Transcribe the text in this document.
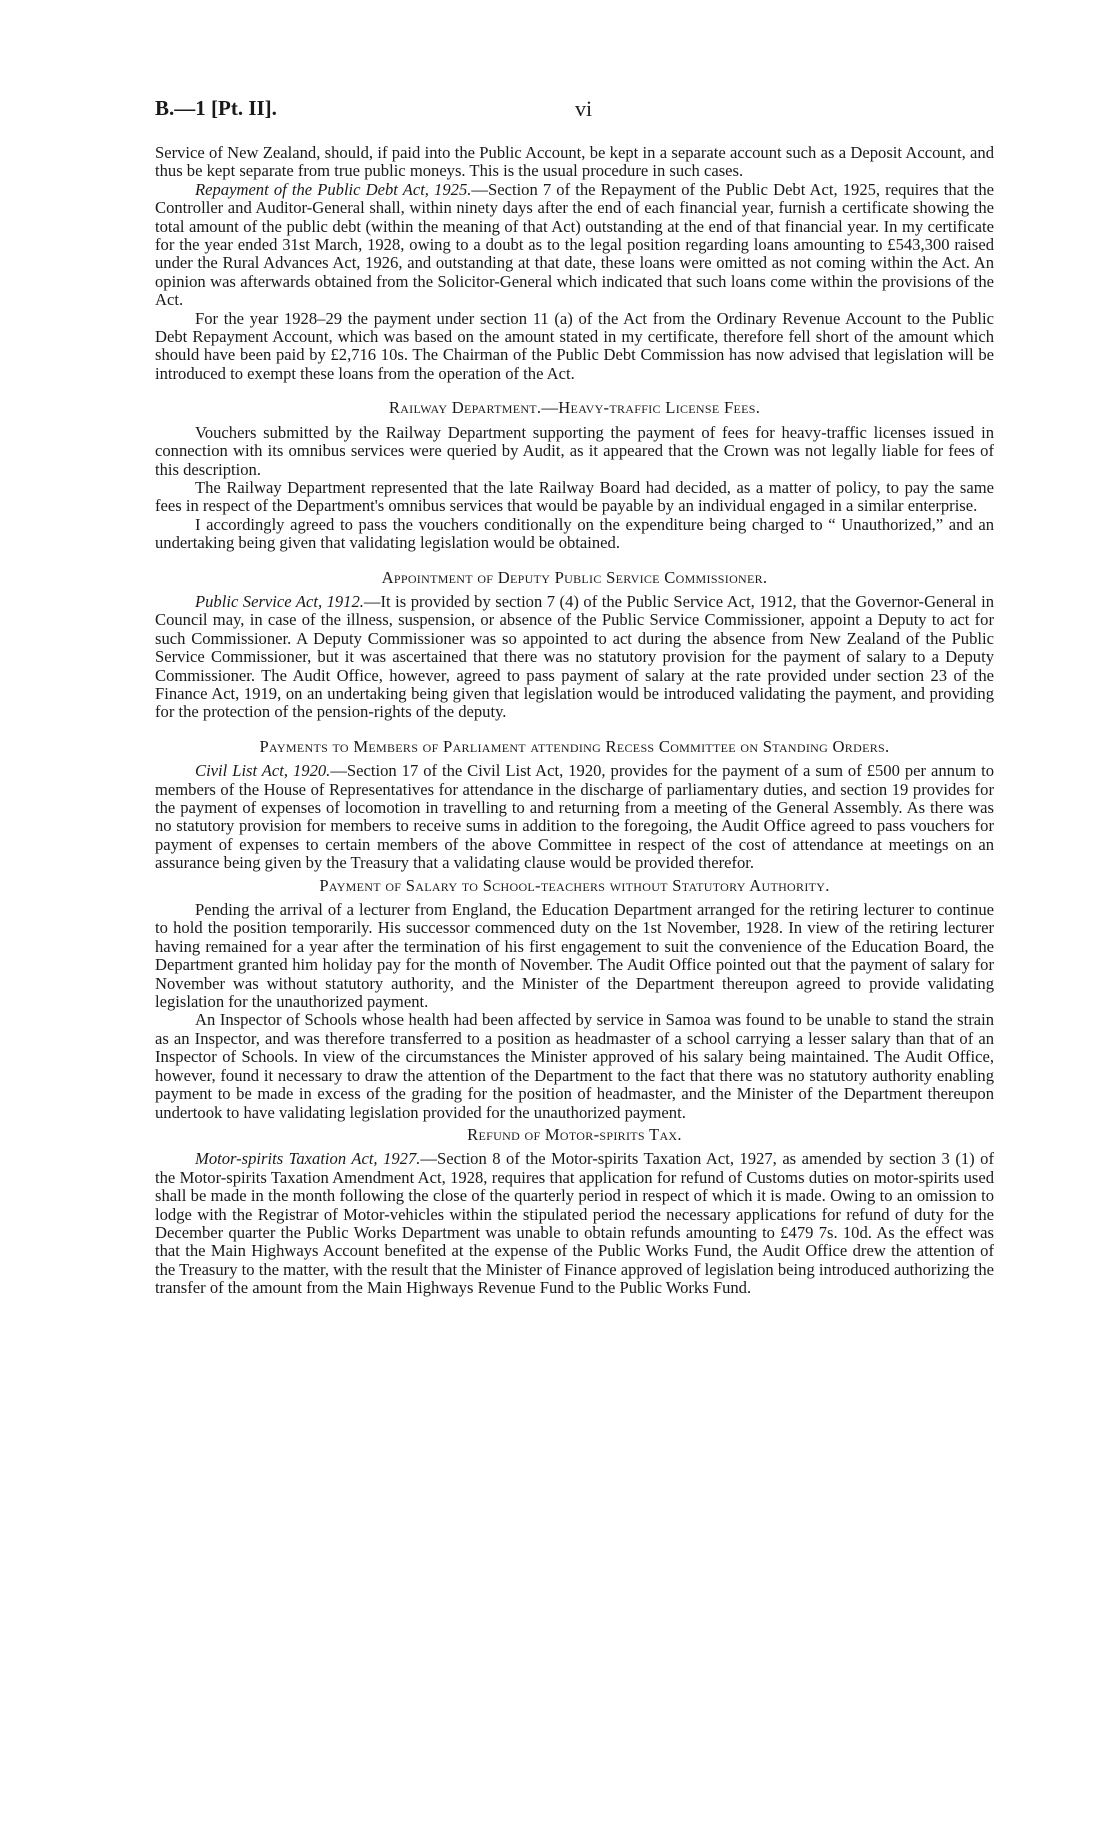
B.—1 [Pt. II].	vi

Service of New Zealand, should, if paid into the Public Account, be kept in a separate account such as a Deposit Account, and thus be kept separate from true public moneys. This is the usual procedure in such cases.

Repayment of the Public Debt Act, 1925.—Section 7 of the Repayment of the Public Debt Act, 1925, requires that the Controller and Auditor-General shall, within ninety days after the end of each financial year, furnish a certificate showing the total amount of the public debt (within the meaning of that Act) outstanding at the end of that financial year. In my certificate for the year ended 31st March, 1928, owing to a doubt as to the legal position regarding loans amounting to £543,300 raised under the Rural Advances Act, 1926, and outstanding at that date, these loans were omitted as not coming within the Act. An opinion was afterwards obtained from the Solicitor-General which indicated that such loans come within the provisions of the Act.

For the year 1928–29 the payment under section 11 (a) of the Act from the Ordinary Revenue Account to the Public Debt Repayment Account, which was based on the amount stated in my certificate, therefore fell short of the amount which should have been paid by £2,716 10s. The Chairman of the Public Debt Commission has now advised that legislation will be introduced to exempt these loans from the operation of the Act.

Railway Department.—Heavy-traffic License Fees.

Vouchers submitted by the Railway Department supporting the payment of fees for heavy-traffic licenses issued in connection with its omnibus services were queried by Audit, as it appeared that the Crown was not legally liable for fees of this description.

The Railway Department represented that the late Railway Board had decided, as a matter of policy, to pay the same fees in respect of the Department's omnibus services that would be payable by an individual engaged in a similar enterprise.

I accordingly agreed to pass the vouchers conditionally on the expenditure being charged to “ Unauthorized,” and an undertaking being given that validating legislation would be obtained.

Appointment of Deputy Public Service Commissioner.

Public Service Act, 1912.—It is provided by section 7 (4) of the Public Service Act, 1912, that the Governor-General in Council may, in case of the illness, suspension, or absence of the Public Service Commissioner, appoint a Deputy to act for such Commissioner. A Deputy Commissioner was so appointed to act during the absence from New Zealand of the Public Service Commissioner, but it was ascertained that there was no statutory provision for the payment of salary to a Deputy Commissioner. The Audit Office, however, agreed to pass payment of salary at the rate provided under section 23 of the Finance Act, 1919, on an undertaking being given that legislation would be introduced validating the payment, and providing for the protection of the pension-rights of the deputy.

Payments to Members of Parliament attending Recess Committee on Standing Orders.

Civil List Act, 1920.—Section 17 of the Civil List Act, 1920, provides for the payment of a sum of £500 per annum to members of the House of Representatives for attendance in the discharge of parliamentary duties, and section 19 provides for the payment of expenses of locomotion in travelling to and returning from a meeting of the General Assembly. As there was no statutory provision for members to receive sums in addition to the foregoing, the Audit Office agreed to pass vouchers for payment of expenses to certain members of the above Committee in respect of the cost of attendance at meetings on an assurance being given by the Treasury that a validating clause would be provided therefor.

Payment of Salary to School-teachers without Statutory Authority.

Pending the arrival of a lecturer from England, the Education Department arranged for the retiring lecturer to continue to hold the position temporarily. His successor commenced duty on the 1st November, 1928. In view of the retiring lecturer having remained for a year after the termination of his first engagement to suit the convenience of the Education Board, the Department granted him holiday pay for the month of November. The Audit Office pointed out that the payment of salary for November was without statutory authority, and the Minister of the Department thereupon agreed to provide validating legislation for the unauthorized payment.

An Inspector of Schools whose health had been affected by service in Samoa was found to be unable to stand the strain as an Inspector, and was therefore transferred to a position as headmaster of a school carrying a lesser salary than that of an Inspector of Schools. In view of the circumstances the Minister approved of his salary being maintained. The Audit Office, however, found it necessary to draw the attention of the Department to the fact that there was no statutory authority enabling payment to be made in excess of the grading for the position of headmaster, and the Minister of the Department thereupon undertook to have validating legislation provided for the unauthorized payment.

Refund of Motor-spirits Tax.

Motor-spirits Taxation Act, 1927.—Section 8 of the Motor-spirits Taxation Act, 1927, as amended by section 3 (1) of the Motor-spirits Taxation Amendment Act, 1928, requires that application for refund of Customs duties on motor-spirits used shall be made in the month following the close of the quarterly period in respect of which it is made. Owing to an omission to lodge with the Registrar of Motor-vehicles within the stipulated period the necessary applications for refund of duty for the December quarter the Public Works Department was unable to obtain refunds amounting to £479 7s. 10d. As the effect was that the Main Highways Account benefited at the expense of the Public Works Fund, the Audit Office drew the attention of the Treasury to the matter, with the result that the Minister of Finance approved of legislation being introduced authorizing the transfer of the amount from the Main Highways Revenue Fund to the Public Works Fund.
